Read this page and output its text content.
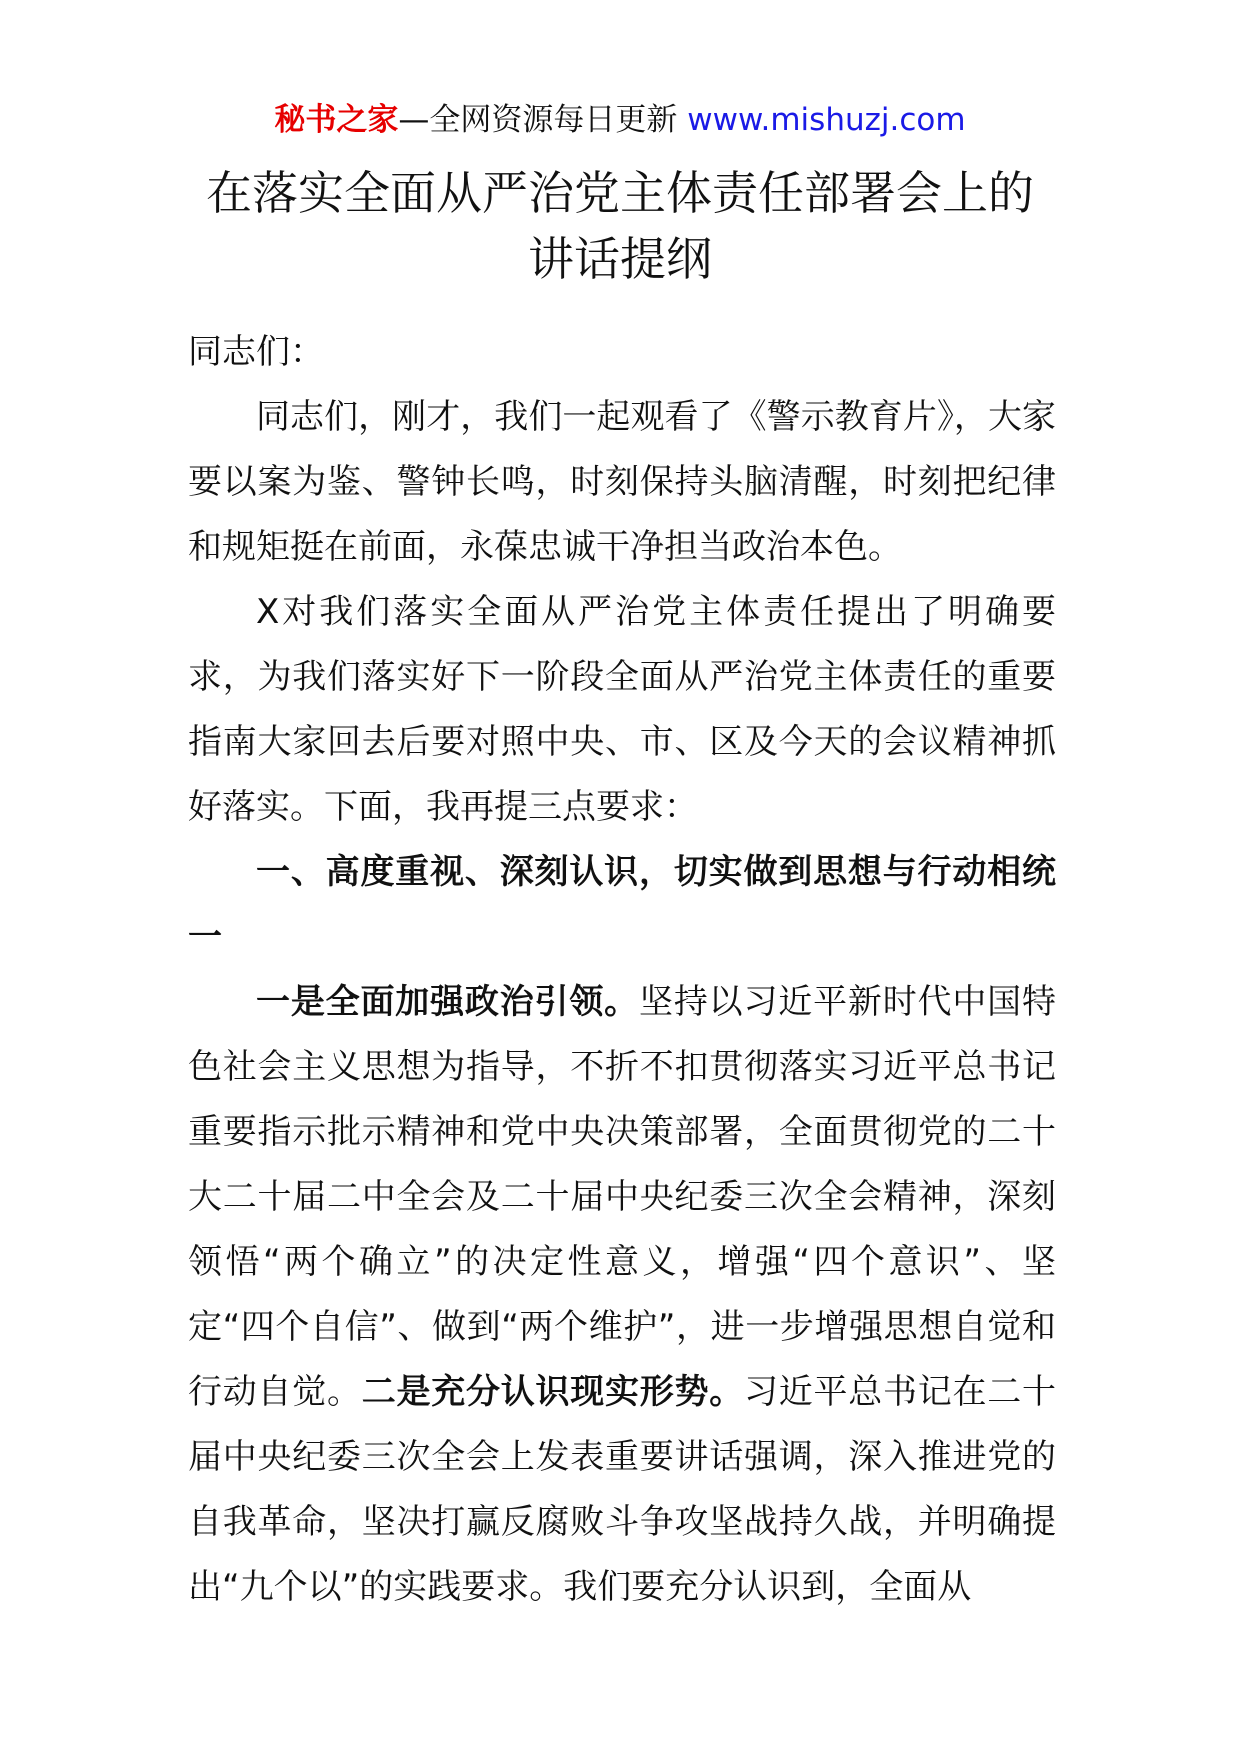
秘书之家—全网资源每日更新 www.mishuzj.com
在落实全面从严治党主体责任部署会上的
讲话提纲

同志们：

同志们，刚才，我们一起观看了《警示教育片》，大家要以案为鉴、警钟长鸣，时刻保持头脑清醒，时刻把纪律和规矩挺在前面，永葆忠诚干净担当政治本色。

X对我们落实全面从严治党主体责任提出了明确要求，为我们落实好下一阶段全面从严治党主体责任的重要指南大家回去后要对照中央、市、区及今天的会议精神抓好落实。下面，我再提三点要求：

一、高度重视、深刻认识，切实做到思想与行动相统一

一是全面加强政治引领。坚持以习近平新时代中国特色社会主义思想为指导，不折不扣贯彻落实习近平总书记重要指示批示精神和党中央决策部署，全面贯彻党的二十大二十届二中全会及二十届中央纪委三次全会精神，深刻领悟“两个确立”的决定性意义，增强“四个意识”、坚定“四个自信”、做到“两个维护”，进一步增强思想自觉和行动自觉。二是充分认识现实形势。习近平总书记在二十届中央纪委三次全会上发表重要讲话强调，深入推进党的自我革命，坚决打赢反腐败斗争攻坚战持久战，并明确提出“九个以”的实践要求。我们要充分认识到，全面从
